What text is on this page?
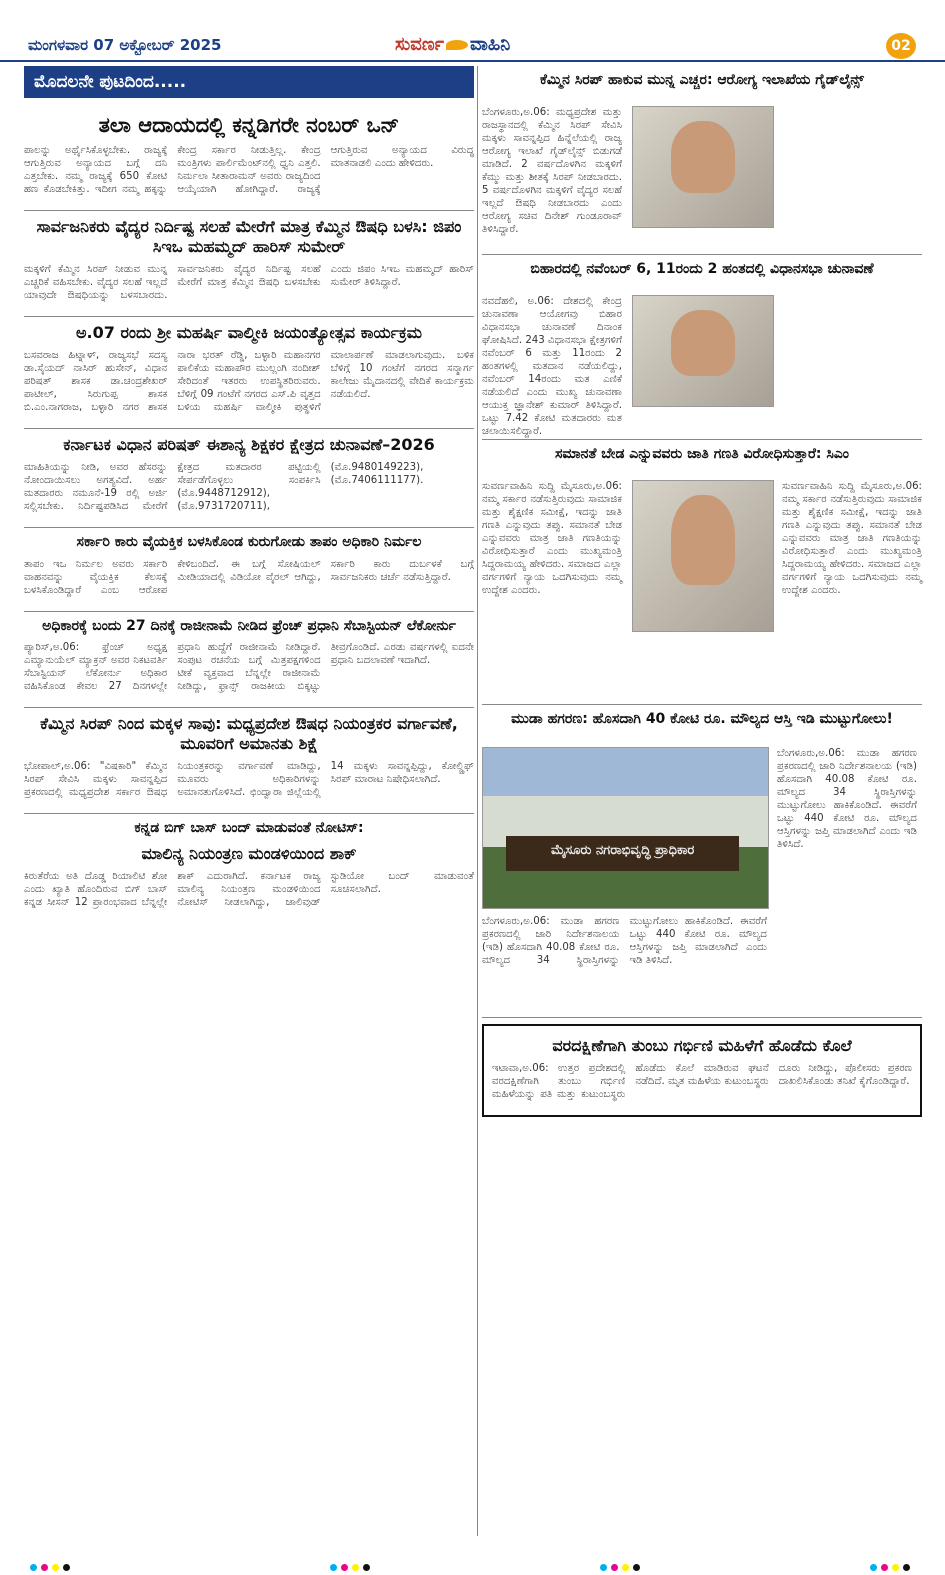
ಮಂಗಳವಾರ 07 ಅಕ್ಟೋಬರ್ 2025	ಸುವರ್ಣ ವಾಹಿನಿ	02
ಮೊದಲನೇ ಪುಟದಿಂದ.....
ತಲಾ ಆದಾಯದಲ್ಲಿ ಕನ್ನಡಿಗರೇ ನಂಬರ್ ಒನ್

ಪಾಲನ್ನು ಅರ್ಥೈಸಿಕೊಳ್ಳಬೇಕು. ರಾಜ್ಯಕ್ಕೆ ಆಗುತ್ತಿರುವ ಅನ್ಯಾಯದ ಬಗ್ಗೆ ದನಿ ಎತ್ತಬೇಕು. ನಮ್ಮ ರಾಜ್ಯಕ್ಕೆ 650 ಕೋಟಿ ಹಣ ಕೊಡಬೇಕಿತ್ತು. ಇದೀಗ ನಮ್ಮ ಹಕ್ಕನ್ನು ಕೇಂದ್ರ ಸರ್ಕಾರ ನೀಡುತ್ತಿಲ್ಲ. ಕೇಂದ್ರ ಮಂತ್ರಿಗಳು ಪಾರ್ಲಿಮೆಂಟ್‌ನಲ್ಲಿ ಧ್ವನಿ ಎತ್ತಲಿ. ನಿರ್ಮಲಾ ಸೀತಾರಾಮನ್ ಅವರು ರಾಜ್ಯದಿಂದ ಆಯ್ಕೆಯಾಗಿ ಹೋಗಿದ್ದಾರೆ. ರಾಜ್ಯಕ್ಕೆ ಆಗುತ್ತಿರುವ ಅನ್ಯಾಯದ ವಿರುದ್ಧ ಮಾತನಾಡಲಿ ಎಂದು ಹೇಳಿದರು.

ಸಾರ್ವಜನಿಕರು ವೈದ್ಯರ ನಿರ್ದಿಷ್ಟ ಸಲಹೆ ಮೇರೆಗೆ ಮಾತ್ರ ಕೆಮ್ಮಿನ ಔಷಧಿ ಬಳಸಿ: ಜಿಪಂ ಸಿಇಒ ಮಹಮ್ಮದ್ ಹಾರಿಸ್ ಸುಮೇರ್

ಮಕ್ಕಳಿಗೆ ಕೆಮ್ಮಿನ ಸಿರಪ್ ನೀಡುವ ಮುನ್ನ ಎಚ್ಚರಿಕೆ ವಹಿಸಬೇಕು. ವೈದ್ಯರ ಸಲಹೆ ಇಲ್ಲದೆ ಯಾವುದೇ ಔಷಧಿಯನ್ನು ಬಳಸಬಾರದು. ಸಾರ್ವಜನಿಕರು ವೈದ್ಯರ ನಿರ್ದಿಷ್ಟ ಸಲಹೆ ಮೇರೆಗೆ ಮಾತ್ರ ಕೆಮ್ಮಿನ ಔಷಧಿ ಬಳಸಬೇಕು ಎಂದು ಜಿಪಂ ಸಿಇಒ ಮಹಮ್ಮದ್ ಹಾರಿಸ್ ಸುಮೇರ್ ತಿಳಿಸಿದ್ದಾರೆ.

ಅ.07 ರಂದು ಶ್ರೀ ಮಹರ್ಷಿ ವಾಲ್ಮೀಕಿ ಜಯಂತ್ಯೋತ್ಸವ ಕಾರ್ಯಕ್ರಮ

ಬಸವರಾಜ ಹಿಟ್ನಾಳ್, ರಾಜ್ಯಸಭೆ ಸದಸ್ಯ ಡಾ.ಸೈಯದ್ ನಾಸಿರ್ ಹುಸೇನ್, ವಿಧಾನ ಪರಿಷತ್ ಶಾಸಕ ಡಾ.ಚಂದ್ರಶೇಖರ್ ಪಾಟೀಲ್, ಸಿರುಗುಪ್ಪ ಶಾಸಕ ಬಿ.ಎಂ.ನಾಗರಾಜ, ಬಳ್ಳಾರಿ ನಗರ ಶಾಸಕ ನಾರಾ ಭರತ್ ರೆಡ್ಡಿ, ಬಳ್ಳಾರಿ ಮಹಾನಗರ ಪಾಲಿಕೆಯ ಮಹಾಪೌರ ಮುಲ್ಲಂಗಿ ನಂದೀಶ್ ಸೇರಿದಂತೆ ಇತರರು ಉಪಸ್ಥಿತರಿರುವರು. ಬೆಳಿಗ್ಗೆ 09 ಗಂಟೆಗೆ ನಗರದ ಎಸ್.ಪಿ ವೃತ್ತದ ಬಳಿಯ ಮಹರ್ಷಿ ವಾಲ್ಮೀಕಿ ಪುತ್ಥಳಿಗೆ ಮಾಲಾರ್ಪಣೆ ಮಾಡಲಾಗುವುದು. ಬಳಿಕ ಬೆಳಿಗ್ಗೆ 10 ಗಂಟೆಗೆ ನಗರದ ಸನ್ಮಾರ್ಗ ಕಾಲೇಜು ಮೈದಾನದಲ್ಲಿ ವೇದಿಕೆ ಕಾರ್ಯಕ್ರಮ ನಡೆಯಲಿದೆ.

ಕರ್ನಾಟಕ ವಿಧಾನ ಪರಿಷತ್ ಈಶಾನ್ಯ ಶಿಕ್ಷಕರ ಕ್ಷೇತ್ರದ ಚುನಾವಣೆ–2026

ಮಾಹಿತಿಯನ್ನು ನೀಡಿ, ಅವರ ಹೆಸರನ್ನು ನೋಂದಾಯಿಸಲು ಅಗತ್ಯವಿದೆ. ಅರ್ಹ ಮತದಾರರು ನಮೂನೆ-19 ರಲ್ಲಿ ಅರ್ಜಿ ಸಲ್ಲಿಸಬೇಕು. ನಿರ್ದಿಷ್ಟಪಡಿಸಿದ ಮೇರೆಗೆ ಕ್ಷೇತ್ರದ ಮತದಾರರ ಪಟ್ಟಿಯಲ್ಲಿ ಸೇರ್ಪಡೆಗೊಳ್ಳಲು ಸಂಪರ್ಕಿಸಿ (ಮೊ.9448712912), (ಮೊ.9731720711), (ಮೊ.9480149223), (ಮೊ.7406111177).

ಸರ್ಕಾರಿ ಕಾರು ವೈಯಕ್ತಿಕ ಬಳಸಿಕೊಂಡ ಕುರುಗೋಡು ತಾಪಂ ಅಧಿಕಾರಿ ನಿರ್ಮಲ

ತಾಪಂ ಇಒ ನಿರ್ಮಲ ಅವರು ಸರ್ಕಾರಿ ವಾಹನವನ್ನು ವೈಯಕ್ತಿಕ ಕೆಲಸಕ್ಕೆ ಬಳಸಿಕೊಂಡಿದ್ದಾರೆ ಎಂಬ ಆರೋಪ ಕೇಳಿಬಂದಿದೆ. ಈ ಬಗ್ಗೆ ಸೋಷಿಯಲ್ ಮೀಡಿಯಾದಲ್ಲಿ ವಿಡಿಯೋ ವೈರಲ್ ಆಗಿದ್ದು, ಸರ್ಕಾರಿ ಕಾರು ದುರ್ಬಳಕೆ ಬಗ್ಗೆ ಸಾರ್ವಜನಿಕರು ಚರ್ಚೆ ನಡೆಸುತ್ತಿದ್ದಾರೆ.

ಅಧಿಕಾರಕ್ಕೆ ಬಂದು 27 ದಿನಕ್ಕೆ ರಾಜೀನಾಮೆ ನೀಡಿದ ಫ್ರೆಂಚ್ ಪ್ರಧಾನಿ ಸೆಬಾಸ್ಟಿಯನ್ ಲೆಕೋರ್ನು

ಪ್ಯಾರಿಸ್,ಅ.06: ಫ್ರೆಂಚ್ ಅಧ್ಯಕ್ಷ ಎಮ್ಯಾನುಯೆಲ್ ಮ್ಯಾಕ್ರನ್ ಅವರ ನಿಕಟವರ್ತಿ ಸೆಬಾಸ್ಟಿಯನ್ ಲೆಕೋರ್ನು ಅಧಿಕಾರ ವಹಿಸಿಕೊಂಡ ಕೇವಲ 27 ದಿನಗಳಲ್ಲೇ ಪ್ರಧಾನಿ ಹುದ್ದೆಗೆ ರಾಜೀನಾಮೆ ನೀಡಿದ್ದಾರೆ. ಸಂಪುಟ ರಚನೆಯ ಬಗ್ಗೆ ಮಿತ್ರಪಕ್ಷಗಳಿಂದ ಟೀಕೆ ವ್ಯಕ್ತವಾದ ಬೆನ್ನಲ್ಲೇ ರಾಜೀನಾಮೆ ನೀಡಿದ್ದು, ಫ್ರಾನ್ಸ್ ರಾಜಕೀಯ ಬಿಕ್ಕಟ್ಟು ತೀವ್ರಗೊಂಡಿದೆ. ಎರಡು ವರ್ಷಗಳಲ್ಲಿ ಐದನೇ ಪ್ರಧಾನಿ ಬದಲಾವಣೆ ಇದಾಗಿದೆ.

ಕೆಮ್ಮಿನ ಸಿರಪ್ ನಿಂದ ಮಕ್ಕಳ ಸಾವು: ಮಧ್ಯಪ್ರದೇಶ ಔಷಧ ನಿಯಂತ್ರಕರ ವರ್ಗಾವಣೆ, ಮೂವರಿಗೆ ಅಮಾನತು ಶಿಕ್ಷೆ

ಭೋಪಾಲ್,ಅ.06: "ವಿಷಕಾರಿ" ಕೆಮ್ಮಿನ ಸಿರಪ್ ಸೇವಿಸಿ ಮಕ್ಕಳು ಸಾವನ್ನಪ್ಪಿದ ಪ್ರಕರಣದಲ್ಲಿ ಮಧ್ಯಪ್ರದೇಶ ಸರ್ಕಾರ ಔಷಧ ನಿಯಂತ್ರಕರನ್ನು ವರ್ಗಾವಣೆ ಮಾಡಿದ್ದು, ಮೂವರು ಅಧಿಕಾರಿಗಳನ್ನು ಅಮಾನತುಗೊಳಿಸಿದೆ. ಛಿಂದ್ವಾರಾ ಜಿಲ್ಲೆಯಲ್ಲಿ 14 ಮಕ್ಕಳು ಸಾವನ್ನಪ್ಪಿದ್ದು, ಕೋಲ್ಡ್ರಿಫ್ ಸಿರಪ್ ಮಾರಾಟ ನಿಷೇಧಿಸಲಾಗಿದೆ.

ಕನ್ನಡ ಬಿಗ್ ಬಾಸ್ ಬಂದ್ ಮಾಡುವಂತೆ ನೋಟಿಸ್:
ಮಾಲಿನ್ಯ ನಿಯಂತ್ರಣ ಮಂಡಳಿಯಿಂದ ಶಾಕ್

ಕಿರುತೆರೆಯ ಅತಿ ದೊಡ್ಡ ರಿಯಾಲಿಟಿ ಶೋ ಎಂದು ಖ್ಯಾತಿ ಹೊಂದಿರುವ ಬಿಗ್ ಬಾಸ್ ಕನ್ನಡ ಸೀಸನ್ 12 ಪ್ರಾರಂಭವಾದ ಬೆನ್ನಲ್ಲೇ ಶಾಕ್ ಎದುರಾಗಿದೆ. ಕರ್ನಾಟಕ ರಾಜ್ಯ ಮಾಲಿನ್ಯ ನಿಯಂತ್ರಣ ಮಂಡಳಿಯಿಂದ ನೋಟಿಸ್ ನೀಡಲಾಗಿದ್ದು, ಜಾಲಿವುಡ್ ಸ್ಟುಡಿಯೋ ಬಂದ್ ಮಾಡುವಂತೆ ಸೂಚಿಸಲಾಗಿದೆ.

ಕೆಮ್ಮಿನ ಸಿರಪ್ ಹಾಕುವ ಮುನ್ನ ಎಚ್ಚರ: ಆರೋಗ್ಯ ಇಲಾಖೆಯ ಗೈಡ್‌ಲೈನ್ಸ್

ಬೆಂಗಳೂರು,ಅ.06: ಮಧ್ಯಪ್ರದೇಶ ಮತ್ತು ರಾಜಸ್ಥಾನದಲ್ಲಿ ಕೆಮ್ಮಿನ ಸಿರಪ್ ಸೇವಿಸಿ ಮಕ್ಕಳು ಸಾವನ್ನಪ್ಪಿದ ಹಿನ್ನೆಲೆಯಲ್ಲಿ ರಾಜ್ಯ ಆರೋಗ್ಯ ಇಲಾಖೆ ಗೈಡ್‌ಲೈನ್ಸ್ ಬಿಡುಗಡೆ ಮಾಡಿದೆ. 2 ವರ್ಷದೊಳಗಿನ ಮಕ್ಕಳಿಗೆ ಕೆಮ್ಮು ಮತ್ತು ಶೀತಕ್ಕೆ ಸಿರಪ್ ನೀಡಬಾರದು. 5 ವರ್ಷದೊಳಗಿನ ಮಕ್ಕಳಿಗೆ ವೈದ್ಯರ ಸಲಹೆ ಇಲ್ಲದೆ ಔಷಧಿ ನೀಡಬಾರದು ಎಂದು ಆರೋಗ್ಯ ಸಚಿವ ದಿನೇಶ್ ಗುಂಡೂರಾವ್ ತಿಳಿಸಿದ್ದಾರೆ.

ಬಿಹಾರದಲ್ಲಿ ನವೆಂಬರ್ 6, 11ರಂದು 2 ಹಂತದಲ್ಲಿ ವಿಧಾನಸಭಾ ಚುನಾವಣೆ

ನವದೆಹಲಿ, ಅ.06: ದೇಶದಲ್ಲಿ ಕೇಂದ್ರ ಚುನಾವಣಾ ಆಯೋಗವು ಬಿಹಾರ ವಿಧಾನಸಭಾ ಚುನಾವಣೆ ದಿನಾಂಕ ಘೋಷಿಸಿದೆ. 243 ವಿಧಾನಸಭಾ ಕ್ಷೇತ್ರಗಳಿಗೆ ನವೆಂಬರ್ 6 ಮತ್ತು 11ರಂದು 2 ಹಂತಗಳಲ್ಲಿ ಮತದಾನ ನಡೆಯಲಿದ್ದು, ನವೆಂಬರ್ 14ರಂದು ಮತ ಎಣಿಕೆ ನಡೆಯಲಿದೆ ಎಂದು ಮುಖ್ಯ ಚುನಾವಣಾ ಆಯುಕ್ತ ಜ್ಞಾನೇಶ್ ಕುಮಾರ್ ತಿಳಿಸಿದ್ದಾರೆ. ಒಟ್ಟು 7.42 ಕೋಟಿ ಮತದಾರರು ಮತ ಚಲಾಯಿಸಲಿದ್ದಾರೆ.

ಸಮಾನತೆ ಬೇಡ ಎನ್ನುವವರು ಜಾತಿ ಗಣತಿ ವಿರೋಧಿಸುತ್ತಾರೆ: ಸಿಎಂ

ಸುವರ್ಣವಾಹಿನಿ ಸುದ್ದಿ ಮೈಸೂರು,ಅ.06: ನಮ್ಮ ಸರ್ಕಾರ ನಡೆಸುತ್ತಿರುವುದು ಸಾಮಾಜಿಕ ಮತ್ತು ಶೈಕ್ಷಣಿಕ ಸಮೀಕ್ಷೆ, ಇದನ್ನು ಜಾತಿ ಗಣತಿ ಎನ್ನುವುದು ತಪ್ಪು. ಸಮಾನತೆ ಬೇಡ ಎನ್ನುವವರು ಮಾತ್ರ ಜಾತಿ ಗಣತಿಯನ್ನು ವಿರೋಧಿಸುತ್ತಾರೆ ಎಂದು ಮುಖ್ಯಮಂತ್ರಿ ಸಿದ್ದರಾಮಯ್ಯ ಹೇಳಿದರು. ಸಮಾಜದ ಎಲ್ಲಾ ವರ್ಗಗಳಿಗೆ ನ್ಯಾಯ ಒದಗಿಸುವುದು ನಮ್ಮ ಉದ್ದೇಶ ಎಂದರು.

ಸುವರ್ಣವಾಹಿನಿ ಸುದ್ದಿ ಮೈಸೂರು,ಅ.06: ನಮ್ಮ ಸರ್ಕಾರ ನಡೆಸುತ್ತಿರುವುದು ಸಾಮಾಜಿಕ ಮತ್ತು ಶೈಕ್ಷಣಿಕ ಸಮೀಕ್ಷೆ, ಇದನ್ನು ಜಾತಿ ಗಣತಿ ಎನ್ನುವುದು ತಪ್ಪು. ಸಮಾನತೆ ಬೇಡ ಎನ್ನುವವರು ಮಾತ್ರ ಜಾತಿ ಗಣತಿಯನ್ನು ವಿರೋಧಿಸುತ್ತಾರೆ ಎಂದು ಮುಖ್ಯಮಂತ್ರಿ ಸಿದ್ದರಾಮಯ್ಯ ಹೇಳಿದರು. ಸಮಾಜದ ಎಲ್ಲಾ ವರ್ಗಗಳಿಗೆ ನ್ಯಾಯ ಒದಗಿಸುವುದು ನಮ್ಮ ಉದ್ದೇಶ ಎಂದರು.

ಮುಡಾ ಹಗರಣ: ಹೊಸದಾಗಿ 40 ಕೋಟಿ ರೂ. ಮೌಲ್ಯದ ಆಸ್ತಿ ಇಡಿ ಮುಟ್ಟುಗೋಲು!
ಮೈಸೂರು ನಗರಾಭಿವೃದ್ಧಿ ಪ್ರಾಧಿಕಾರ

ಬೆಂಗಳೂರು,ಅ.06: ಮುಡಾ ಹಗರಣ ಪ್ರಕರಣದಲ್ಲಿ ಜಾರಿ ನಿರ್ದೇಶನಾಲಯ (ಇಡಿ) ಹೊಸದಾಗಿ 40.08 ಕೋಟಿ ರೂ. ಮೌಲ್ಯದ 34 ಸ್ಥಿರಾಸ್ತಿಗಳನ್ನು ಮುಟ್ಟುಗೋಲು ಹಾಕಿಕೊಂಡಿದೆ. ಈವರೆಗೆ ಒಟ್ಟು 440 ಕೋಟಿ ರೂ. ಮೌಲ್ಯದ ಆಸ್ತಿಗಳನ್ನು ಜಪ್ತಿ ಮಾಡಲಾಗಿದೆ ಎಂದು ಇಡಿ ತಿಳಿಸಿದೆ.

ಬೆಂಗಳೂರು,ಅ.06: ಮುಡಾ ಹಗರಣ ಪ್ರಕರಣದಲ್ಲಿ ಜಾರಿ ನಿರ್ದೇಶನಾಲಯ (ಇಡಿ) ಹೊಸದಾಗಿ 40.08 ಕೋಟಿ ರೂ. ಮೌಲ್ಯದ 34 ಸ್ಥಿರಾಸ್ತಿಗಳನ್ನು ಮುಟ್ಟುಗೋಲು ಹಾಕಿಕೊಂಡಿದೆ. ಈವರೆಗೆ ಒಟ್ಟು 440 ಕೋಟಿ ರೂ. ಮೌಲ್ಯದ ಆಸ್ತಿಗಳನ್ನು ಜಪ್ತಿ ಮಾಡಲಾಗಿದೆ ಎಂದು ಇಡಿ ತಿಳಿಸಿದೆ.

ವರದಕ್ಷಿಣೆಗಾಗಿ ತುಂಬು ಗರ್ಭಿಣಿ ಮಹಿಳೆಗೆ ಹೊಡೆದು ಕೊಲೆ

ಇಟಾವಾ,ಅ.06: ಉತ್ತರ ಪ್ರದೇಶದಲ್ಲಿ ವರದಕ್ಷಿಣೆಗಾಗಿ ತುಂಬು ಗರ್ಭಿಣಿ ಮಹಿಳೆಯನ್ನು ಪತಿ ಮತ್ತು ಕುಟುಂಬಸ್ಥರು ಹೊಡೆದು ಕೊಲೆ ಮಾಡಿರುವ ಘಟನೆ ನಡೆದಿದೆ. ಮೃತ ಮಹಿಳೆಯ ಕುಟುಂಬಸ್ಥರು ದೂರು ನೀಡಿದ್ದು, ಪೊಲೀಸರು ಪ್ರಕರಣ ದಾಖಲಿಸಿಕೊಂಡು ತನಿಖೆ ಕೈಗೊಂಡಿದ್ದಾರೆ.
